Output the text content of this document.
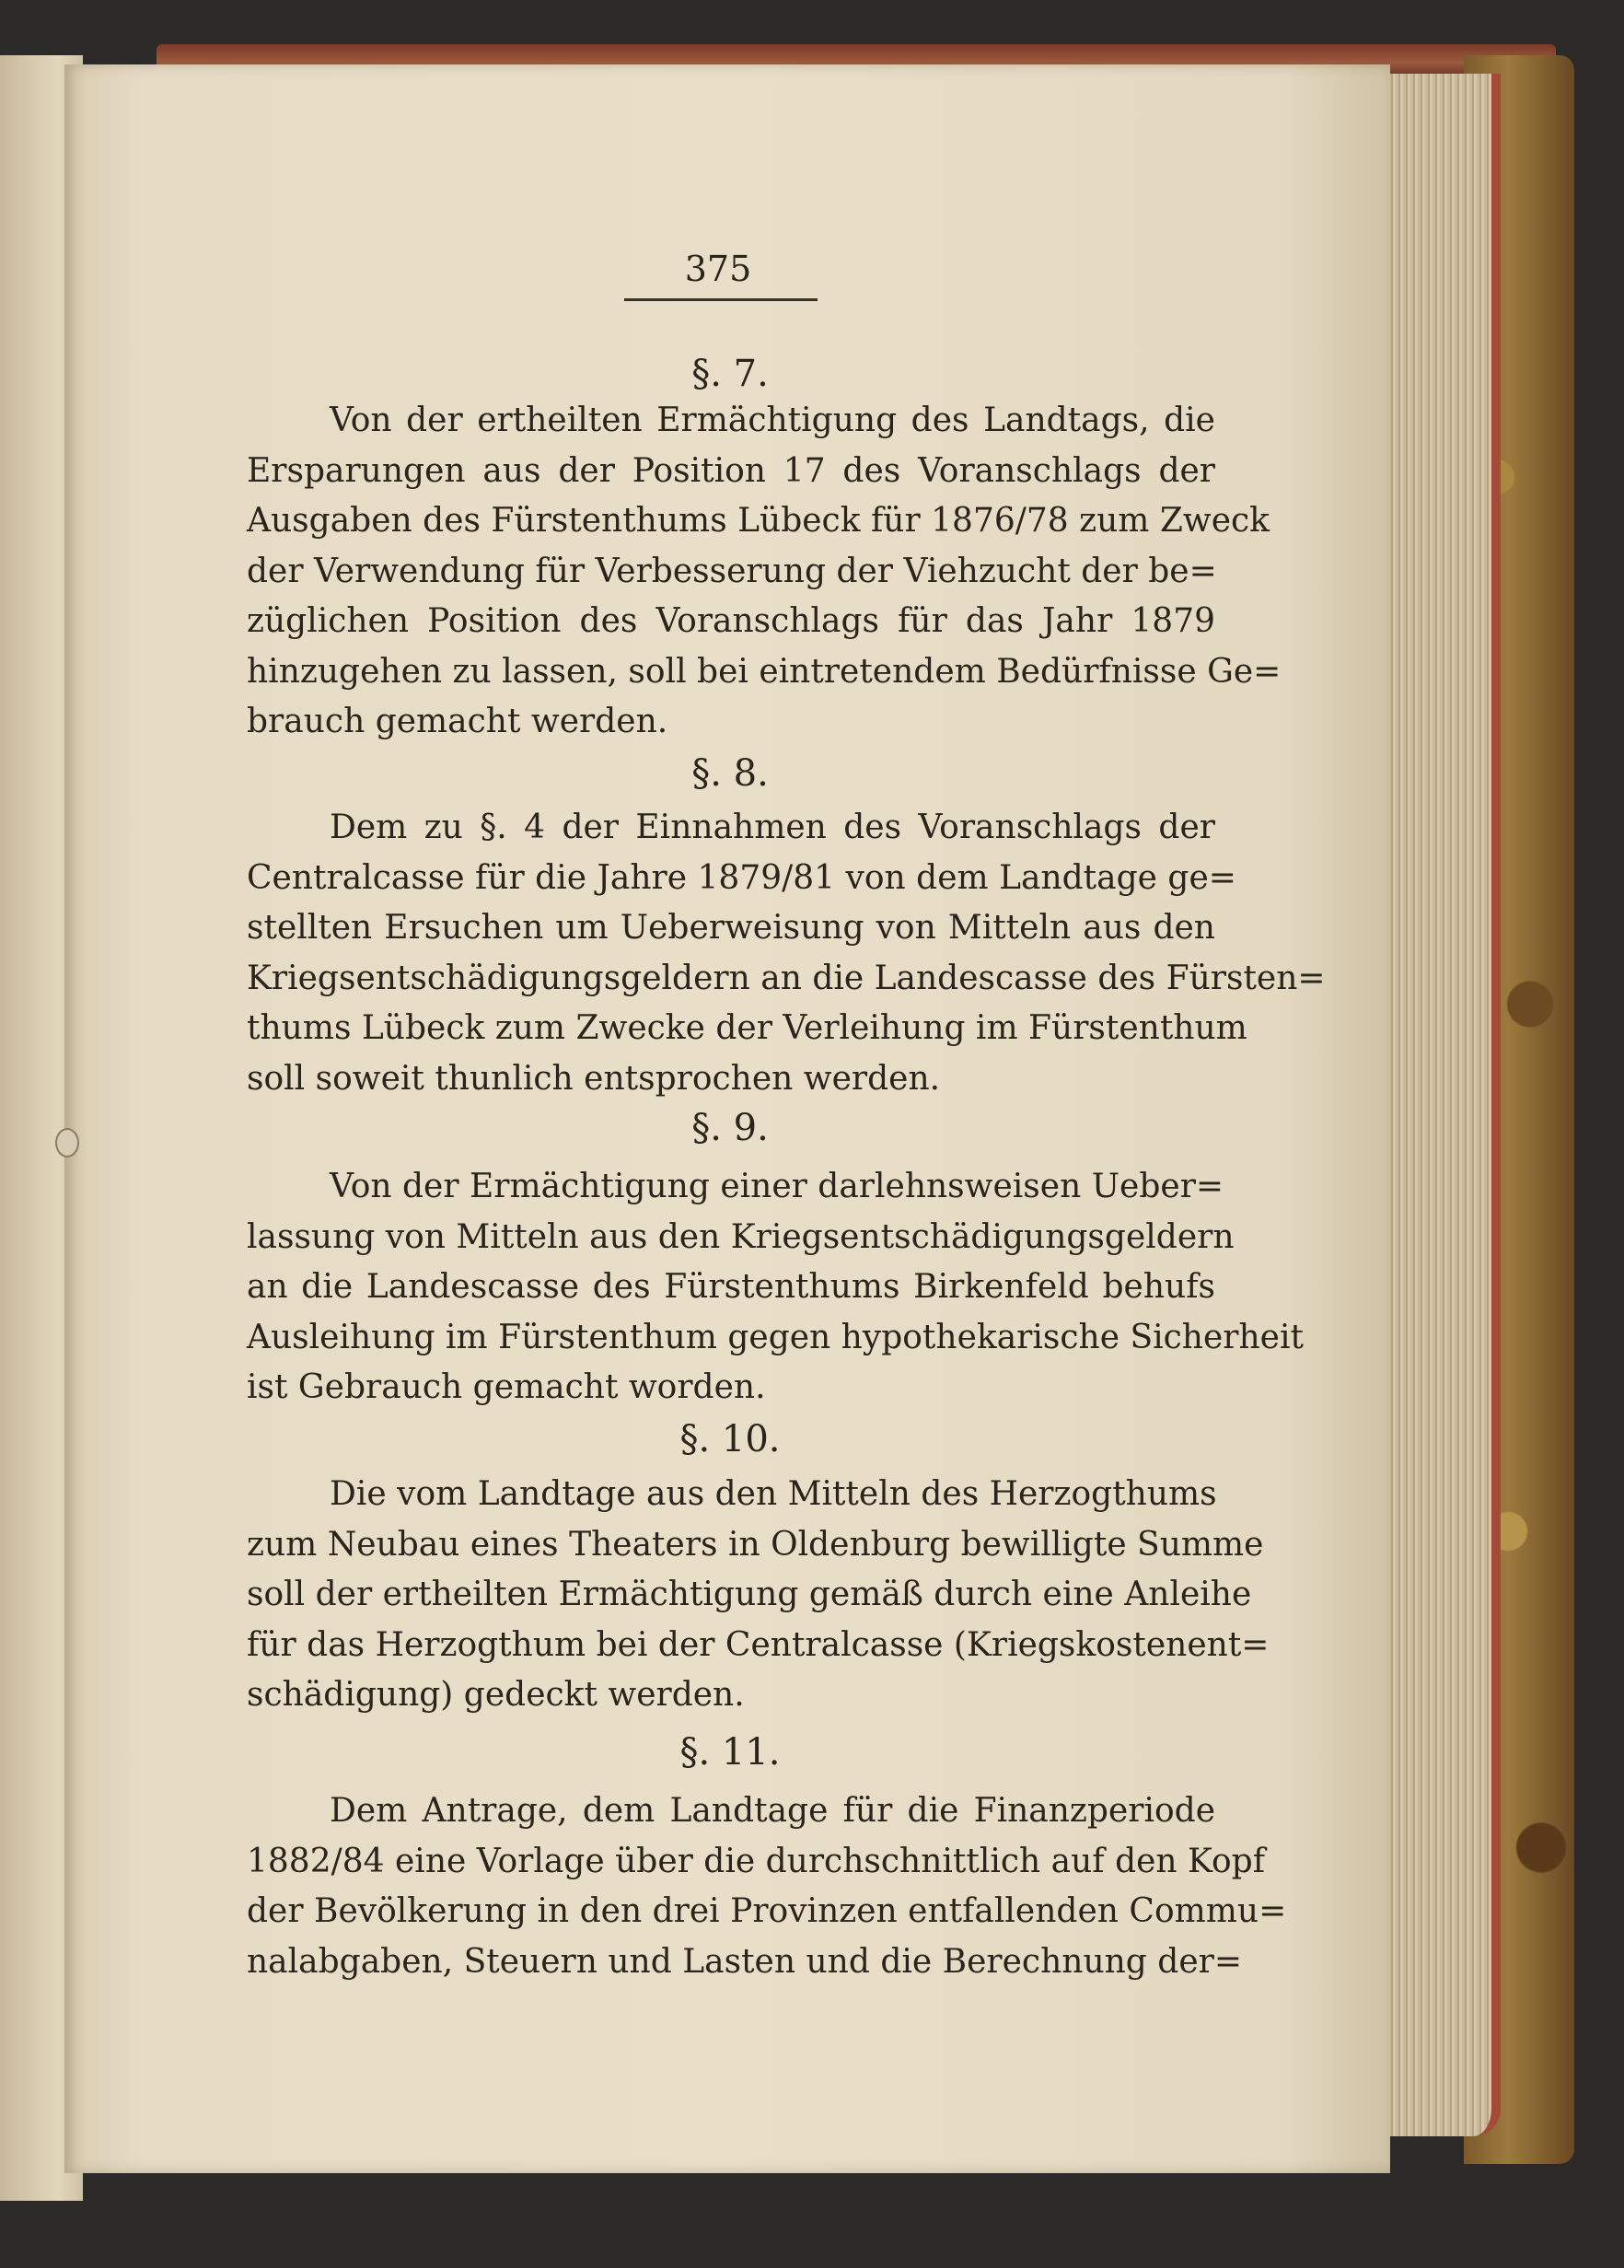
375
§. 7.
Von der ertheilten Ermächtigung des Landtags, die
Ersparungen aus der Position 17 des Voranschlags der
Ausgaben des Fürstenthums Lübeck für 1876/78 zum Zweck
der Verwendung für Verbesserung der Viehzucht der be=
züglichen Position des Voranschlags für das Jahr 1879
hinzugehen zu lassen, soll bei eintretendem Bedürfnisse Ge=
brauch gemacht werden.
§. 8.
Dem zu §. 4 der Einnahmen des Voranschlags der
Centralcasse für die Jahre 1879/81 von dem Landtage ge=
stellten Ersuchen um Ueberweisung von Mitteln aus den
Kriegsentschädigungsgeldern an die Landescasse des Fürsten=
thums Lübeck zum Zwecke der Verleihung im Fürstenthum
soll soweit thunlich entsprochen werden.
§. 9.
Von der Ermächtigung einer darlehnsweisen Ueber=
lassung von Mitteln aus den Kriegsentschädigungsgeldern
an die Landescasse des Fürstenthums Birkenfeld behufs
Ausleihung im Fürstenthum gegen hypothekarische Sicherheit
ist Gebrauch gemacht worden.
§. 10.
Die vom Landtage aus den Mitteln des Herzogthums
zum Neubau eines Theaters in Oldenburg bewilligte Summe
soll der ertheilten Ermächtigung gemäß durch eine Anleihe
für das Herzogthum bei der Centralcasse (Kriegskostenent=
schädigung) gedeckt werden.
§. 11.
Dem Antrage, dem Landtage für die Finanzperiode
1882/84 eine Vorlage über die durchschnittlich auf den Kopf
der Bevölkerung in den drei Provinzen entfallenden Commu=
nalabgaben, Steuern und Lasten und die Berechnung der=
